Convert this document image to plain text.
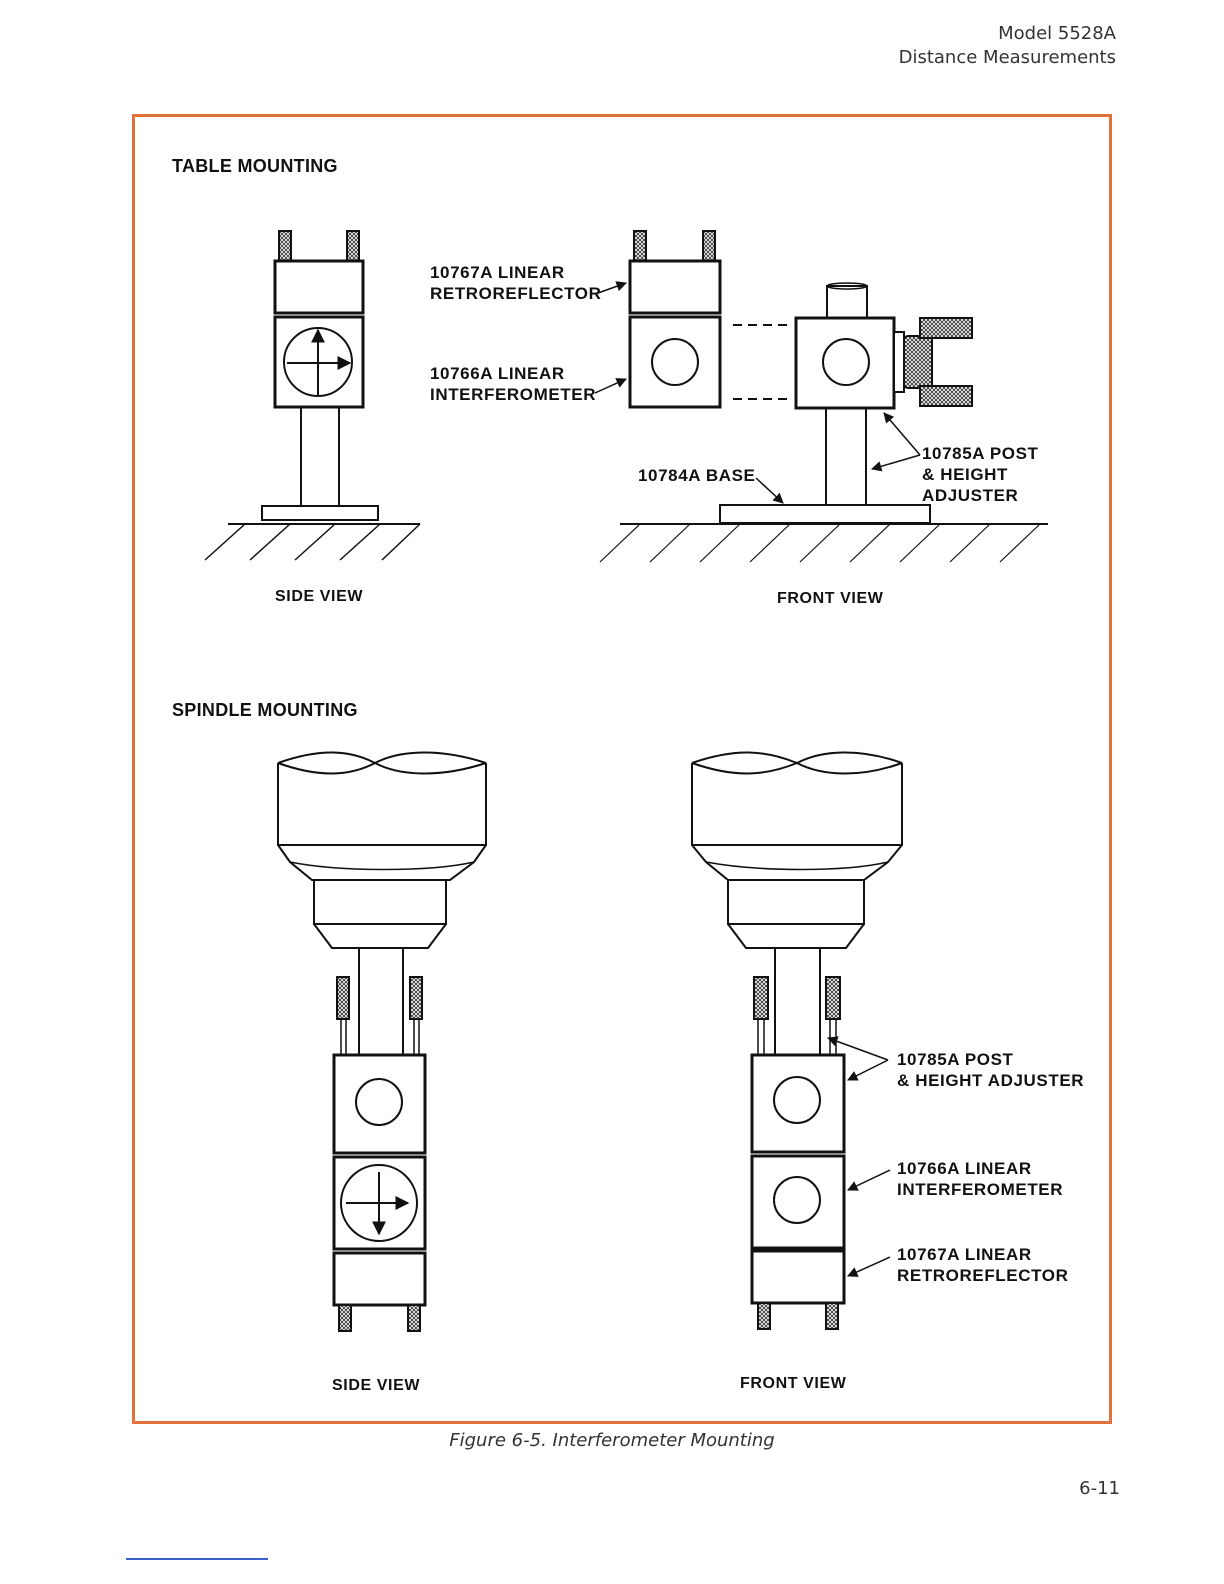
Model 5528A
Distance Measurements
TABLE MOUNTING
SPINDLE MOUNTING
10767A LINEAR
RETROREFLECTOR
10766A LINEAR
INTERFEROMETER
10784A BASE
10785A POST
& HEIGHT
ADJUSTER
SIDE VIEW	FRONT VIEW
10785A POST
& HEIGHT ADJUSTER
10766A LINEAR
INTERFEROMETER
10767A LINEAR
RETROREFLECTOR
SIDE VIEW	FRONT VIEW
Figure 6-5. Interferometer Mounting
6-11
